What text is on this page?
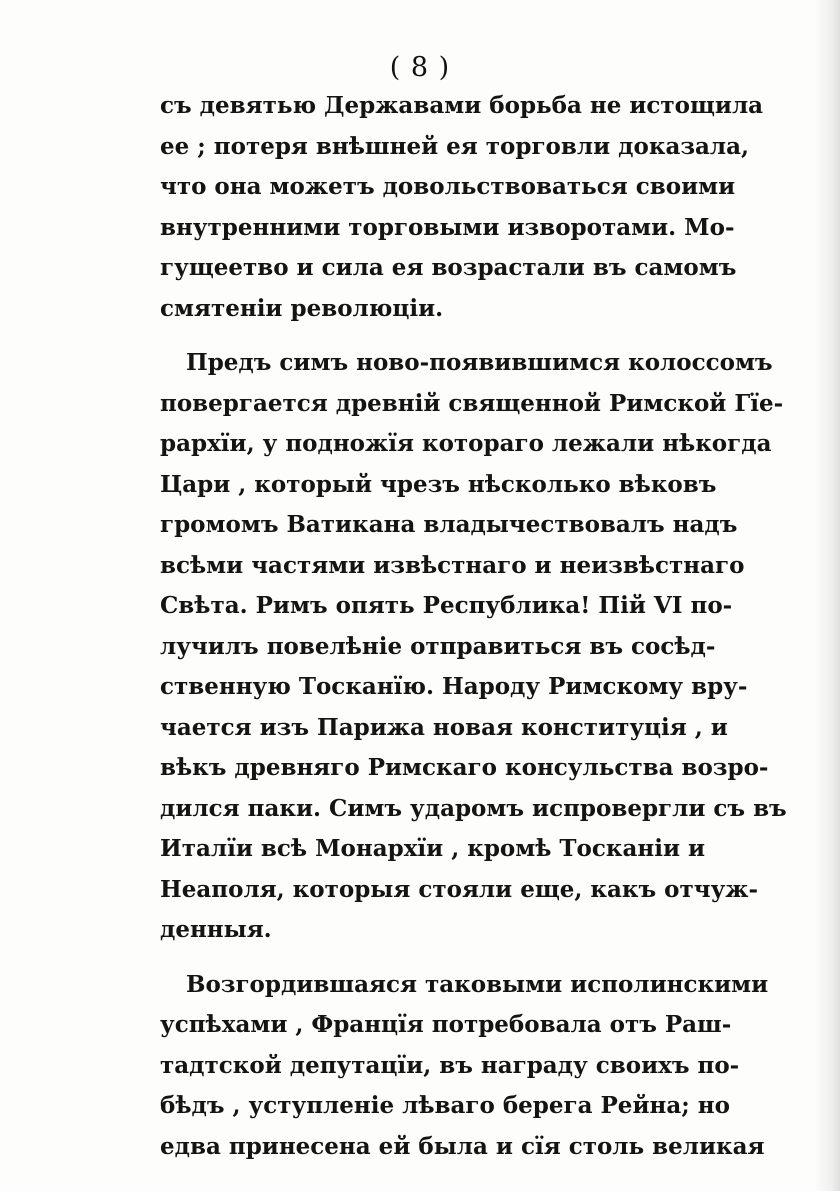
( 8 )
съ девятью Державами борьба не истощила
ее ; потеря внѣшней ея торговли доказала,
что она можетъ довольствоваться своими
внутренними торговыми изворотами. Мо-
гущеетво и сила ея возрастали въ самомъ
смятеніи революціи.
Предъ симъ ново-появившимся колоссомъ
повергается древній священной Римской Гїе-
рархїи, у подножїя котораго лежали нѣкогда
Цари , который чрезъ нѣсколько вѣковъ
громомъ Ватикана владычествовалъ надъ
всѣми частями извѣстнаго и неизвѣстнаго
Свѣта. Римъ опять Республика! Пій VI по-
лучилъ повелѣніе отправиться въ сосѣд-
ственную Тосканїю. Народу Римскому вру-
чается изъ Парижа новая конституція , и
вѣкъ древняго Римскаго консульства возро-
дился паки. Симъ ударомъ испровергли съ въ
Италїи всѣ Монархїи , кромѣ Тосканіи и
Неаполя, которыя стояли еще, какъ отчуж-
денныя.
Возгордившаяся таковыми исполинскими
успѣхами , Францїя потребовала отъ Раш-
тадтской депутацїи, въ награду своихъ по-
бѣдъ , уступленіе лѣваго берега Рейна; но
едва принесена ей была и сїя столь великая
